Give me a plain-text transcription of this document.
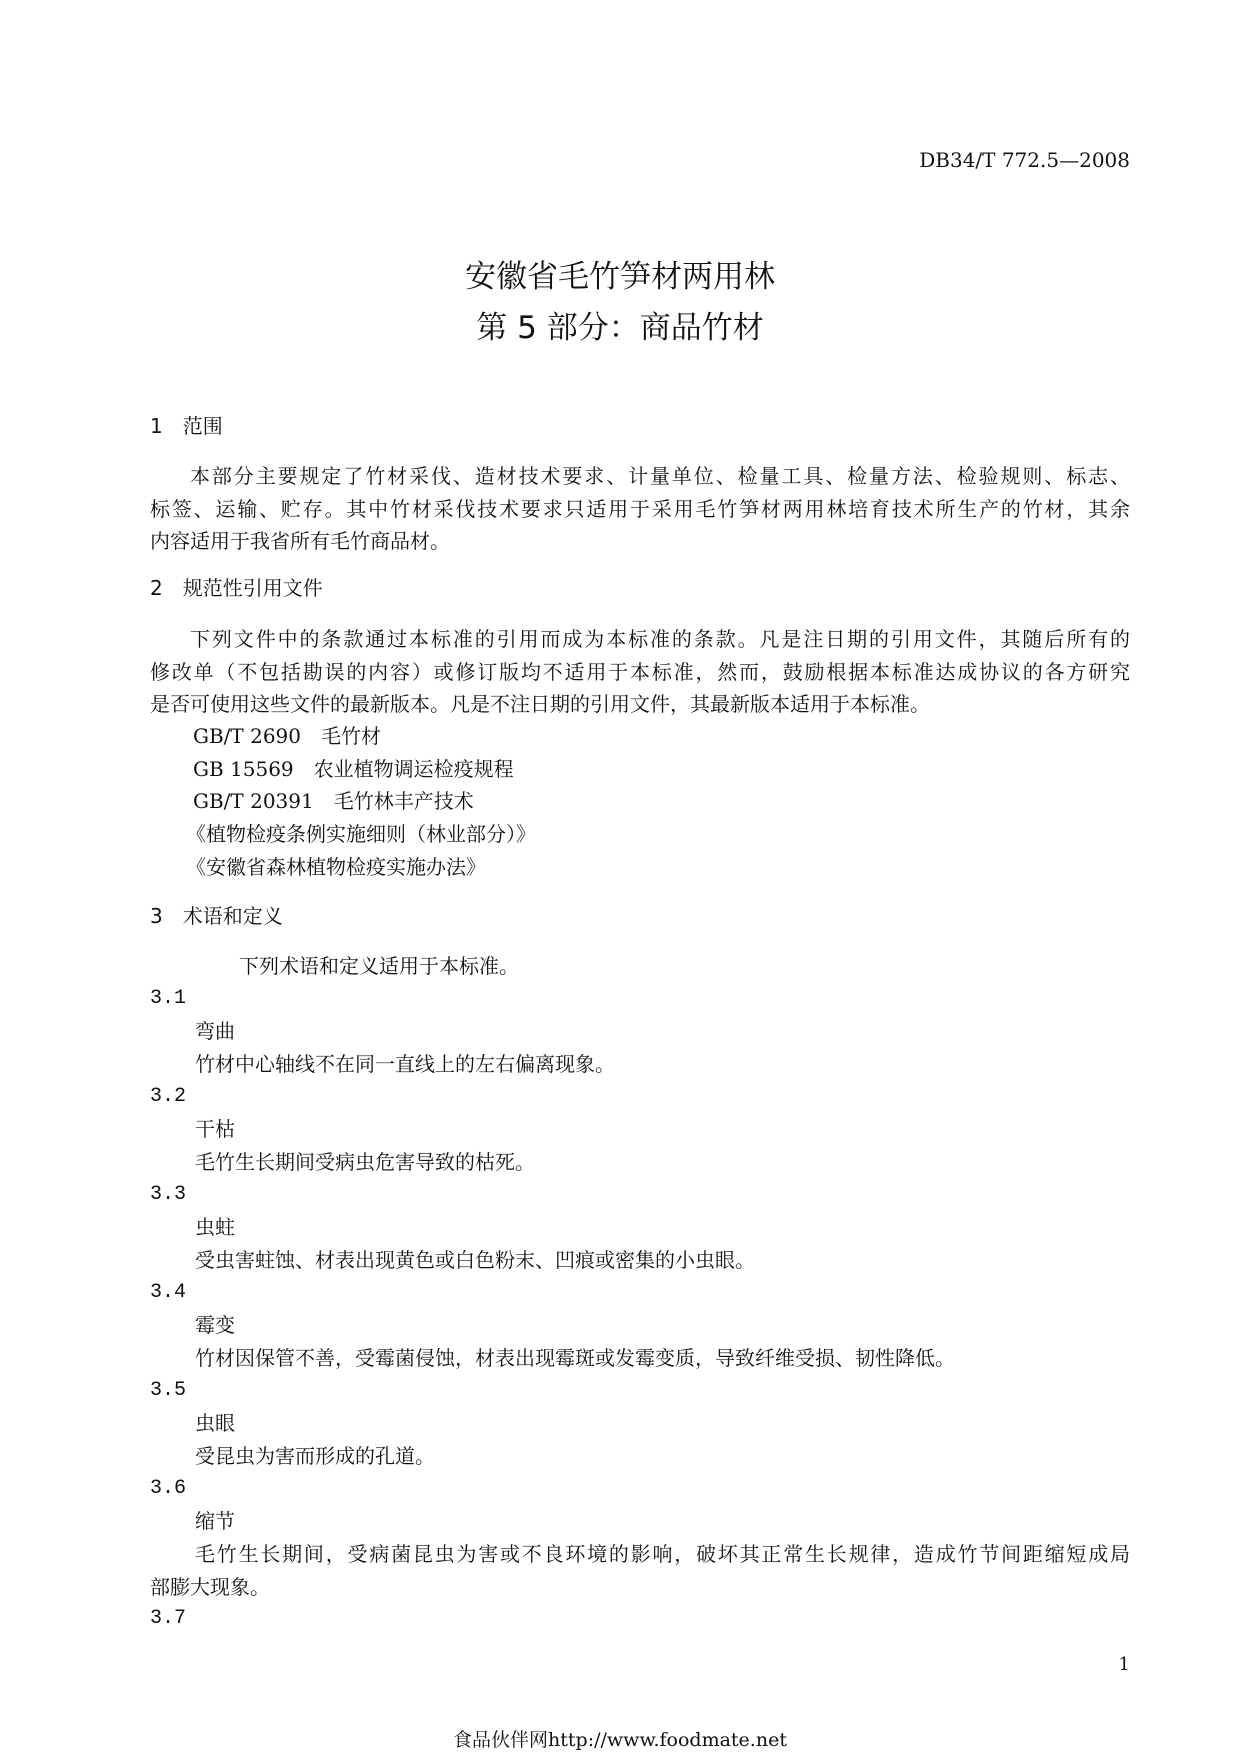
DB34/T 772.5—2008
安徽省毛竹笋材两用林
第 5 部分：商品竹材
1　范围
本部分主要规定了竹材采伐、造材技术要求、计量单位、检量工具、检量方法、检验规则、标志、
标签、运输、贮存。其中竹材采伐技术要求只适用于采用毛竹笋材两用林培育技术所生产的竹材，其余
内容适用于我省所有毛竹商品材。
2　规范性引用文件
下列文件中的条款通过本标准的引用而成为本标准的条款。凡是注日期的引用文件，其随后所有的
修改单（不包括勘误的内容）或修订版均不适用于本标准，然而，鼓励根据本标准达成协议的各方研究
是否可使用这些文件的最新版本。凡是不注日期的引用文件，其最新版本适用于本标准。
GB/T 2690　毛竹材
GB 15569　农业植物调运检疫规程
GB/T 20391　毛竹林丰产技术
《植物检疫条例实施细则（林业部分）》
《安徽省森林植物检疫实施办法》
3　术语和定义
下列术语和定义适用于本标准。
3.1
弯曲
竹材中心轴线不在同一直线上的左右偏离现象。
3.2
干枯
毛竹生长期间受病虫危害导致的枯死。
3.3
虫蛀
受虫害蛀蚀、材表出现黄色或白色粉末、凹痕或密集的小虫眼。
3.4
霉变
竹材因保管不善，受霉菌侵蚀，材表出现霉斑或发霉变质，导致纤维受损、韧性降低。
3.5
虫眼
受昆虫为害而形成的孔道。
3.6
缩节
毛竹生长期间，受病菌昆虫为害或不良环境的影响，破坏其正常生长规律，造成竹节间距缩短成局
部膨大现象。
3.7
1
食品伙伴网http://www.foodmate.net
